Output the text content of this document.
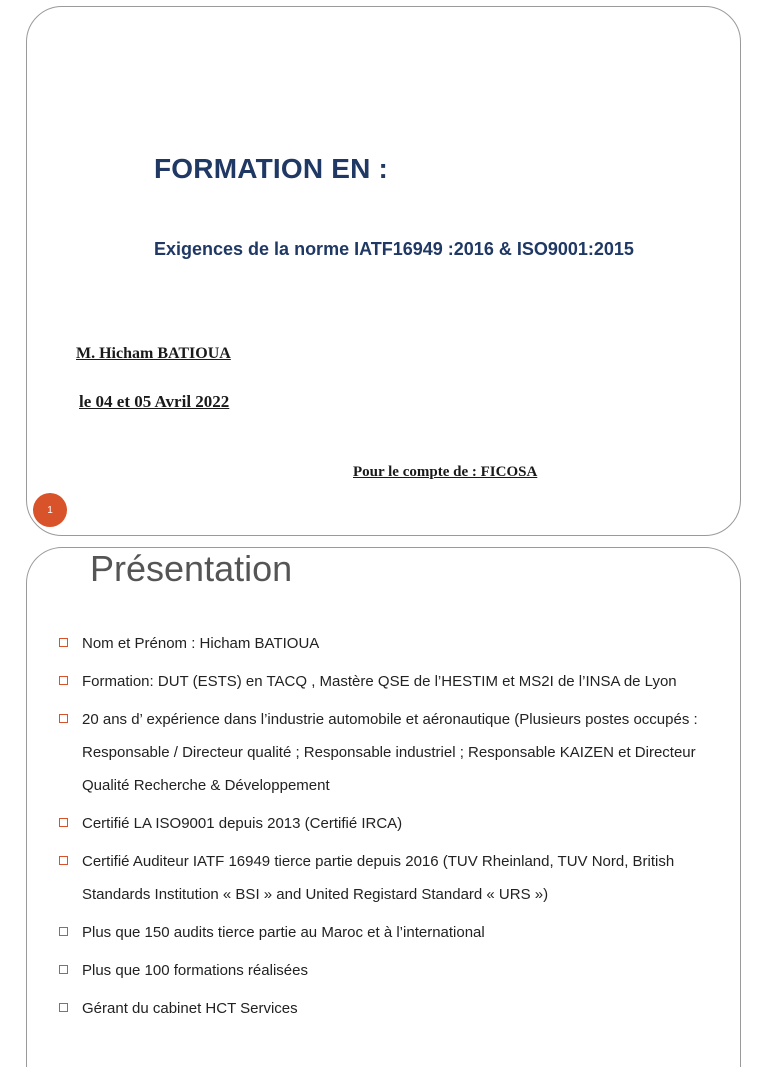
FORMATION EN :
Exigences de la norme IATF16949 :2016 & ISO9001:2015
M. Hicham BATIOUA
le 04 et 05 Avril 2022
Pour le compte de : FICOSA
1
Présentation
Nom et Prénom : Hicham BATIOUA
Formation: DUT (ESTS) en TACQ , Mastère QSE de l’HESTIM et MS2I de l’INSA de Lyon
20 ans d’ expérience dans l’industrie automobile et aéronautique (Plusieurs postes occupés : Responsable / Directeur qualité ; Responsable industriel ; Responsable KAIZEN et Directeur Qualité Recherche & Développement
Certifié LA ISO9001 depuis 2013 (Certifié IRCA)
Certifié Auditeur IATF 16949 tierce partie depuis 2016 (TUV Rheinland, TUV Nord, British Standards Institution « BSI » and United Registard Standard « URS »)
Plus que 150 audits tierce partie au Maroc et à l’international
Plus que 100 formations réalisées
Gérant du cabinet HCT Services
